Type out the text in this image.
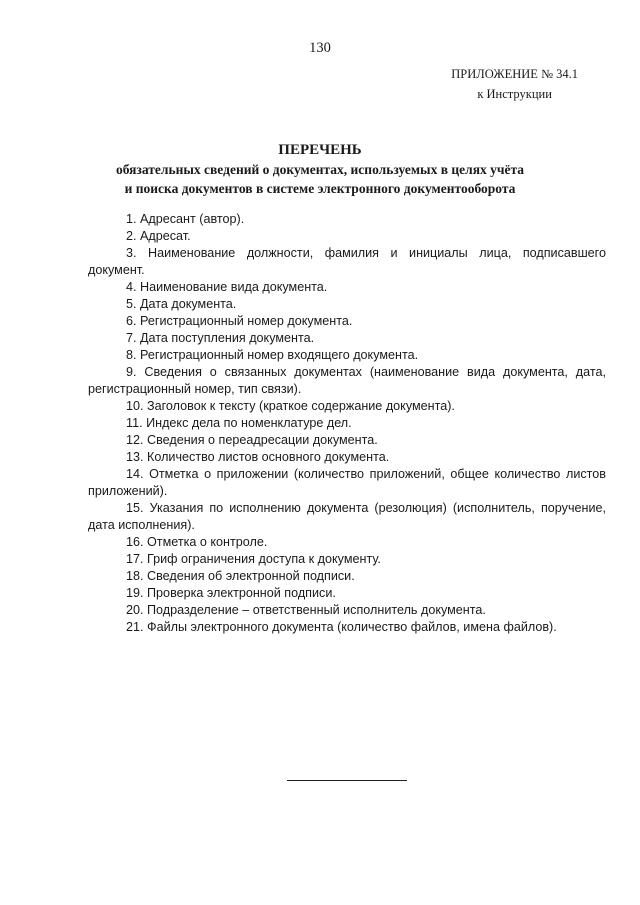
130
ПРИЛОЖЕНИЕ № 34.1
к Инструкции
ПЕРЕЧЕНЬ
обязательных сведений о документах, используемых в целях учёта
и поиска документов в системе электронного документооборота
1. Адресант (автор).
2. Адресат.
3. Наименование должности, фамилия и инициалы лица, подписавшего документ.
4. Наименование вида документа.
5. Дата документа.
6. Регистрационный номер документа.
7. Дата поступления документа.
8. Регистрационный номер входящего документа.
9. Сведения о связанных документах (наименование вида документа, дата, регистрационный номер, тип связи).
10. Заголовок к тексту (краткое содержание документа).
11. Индекс дела по номенклатуре дел.
12. Сведения о переадресации документа.
13. Количество листов основного документа.
14. Отметка о приложении (количество приложений, общее количество листов приложений).
15. Указания по исполнению документа (резолюция) (исполнитель, поручение, дата исполнения).
16. Отметка о контроле.
17. Гриф ограничения доступа к документу.
18. Сведения об электронной подписи.
19. Проверка электронной подписи.
20. Подразделение – ответственный исполнитель документа.
21. Файлы электронного документа (количество файлов, имена файлов).
